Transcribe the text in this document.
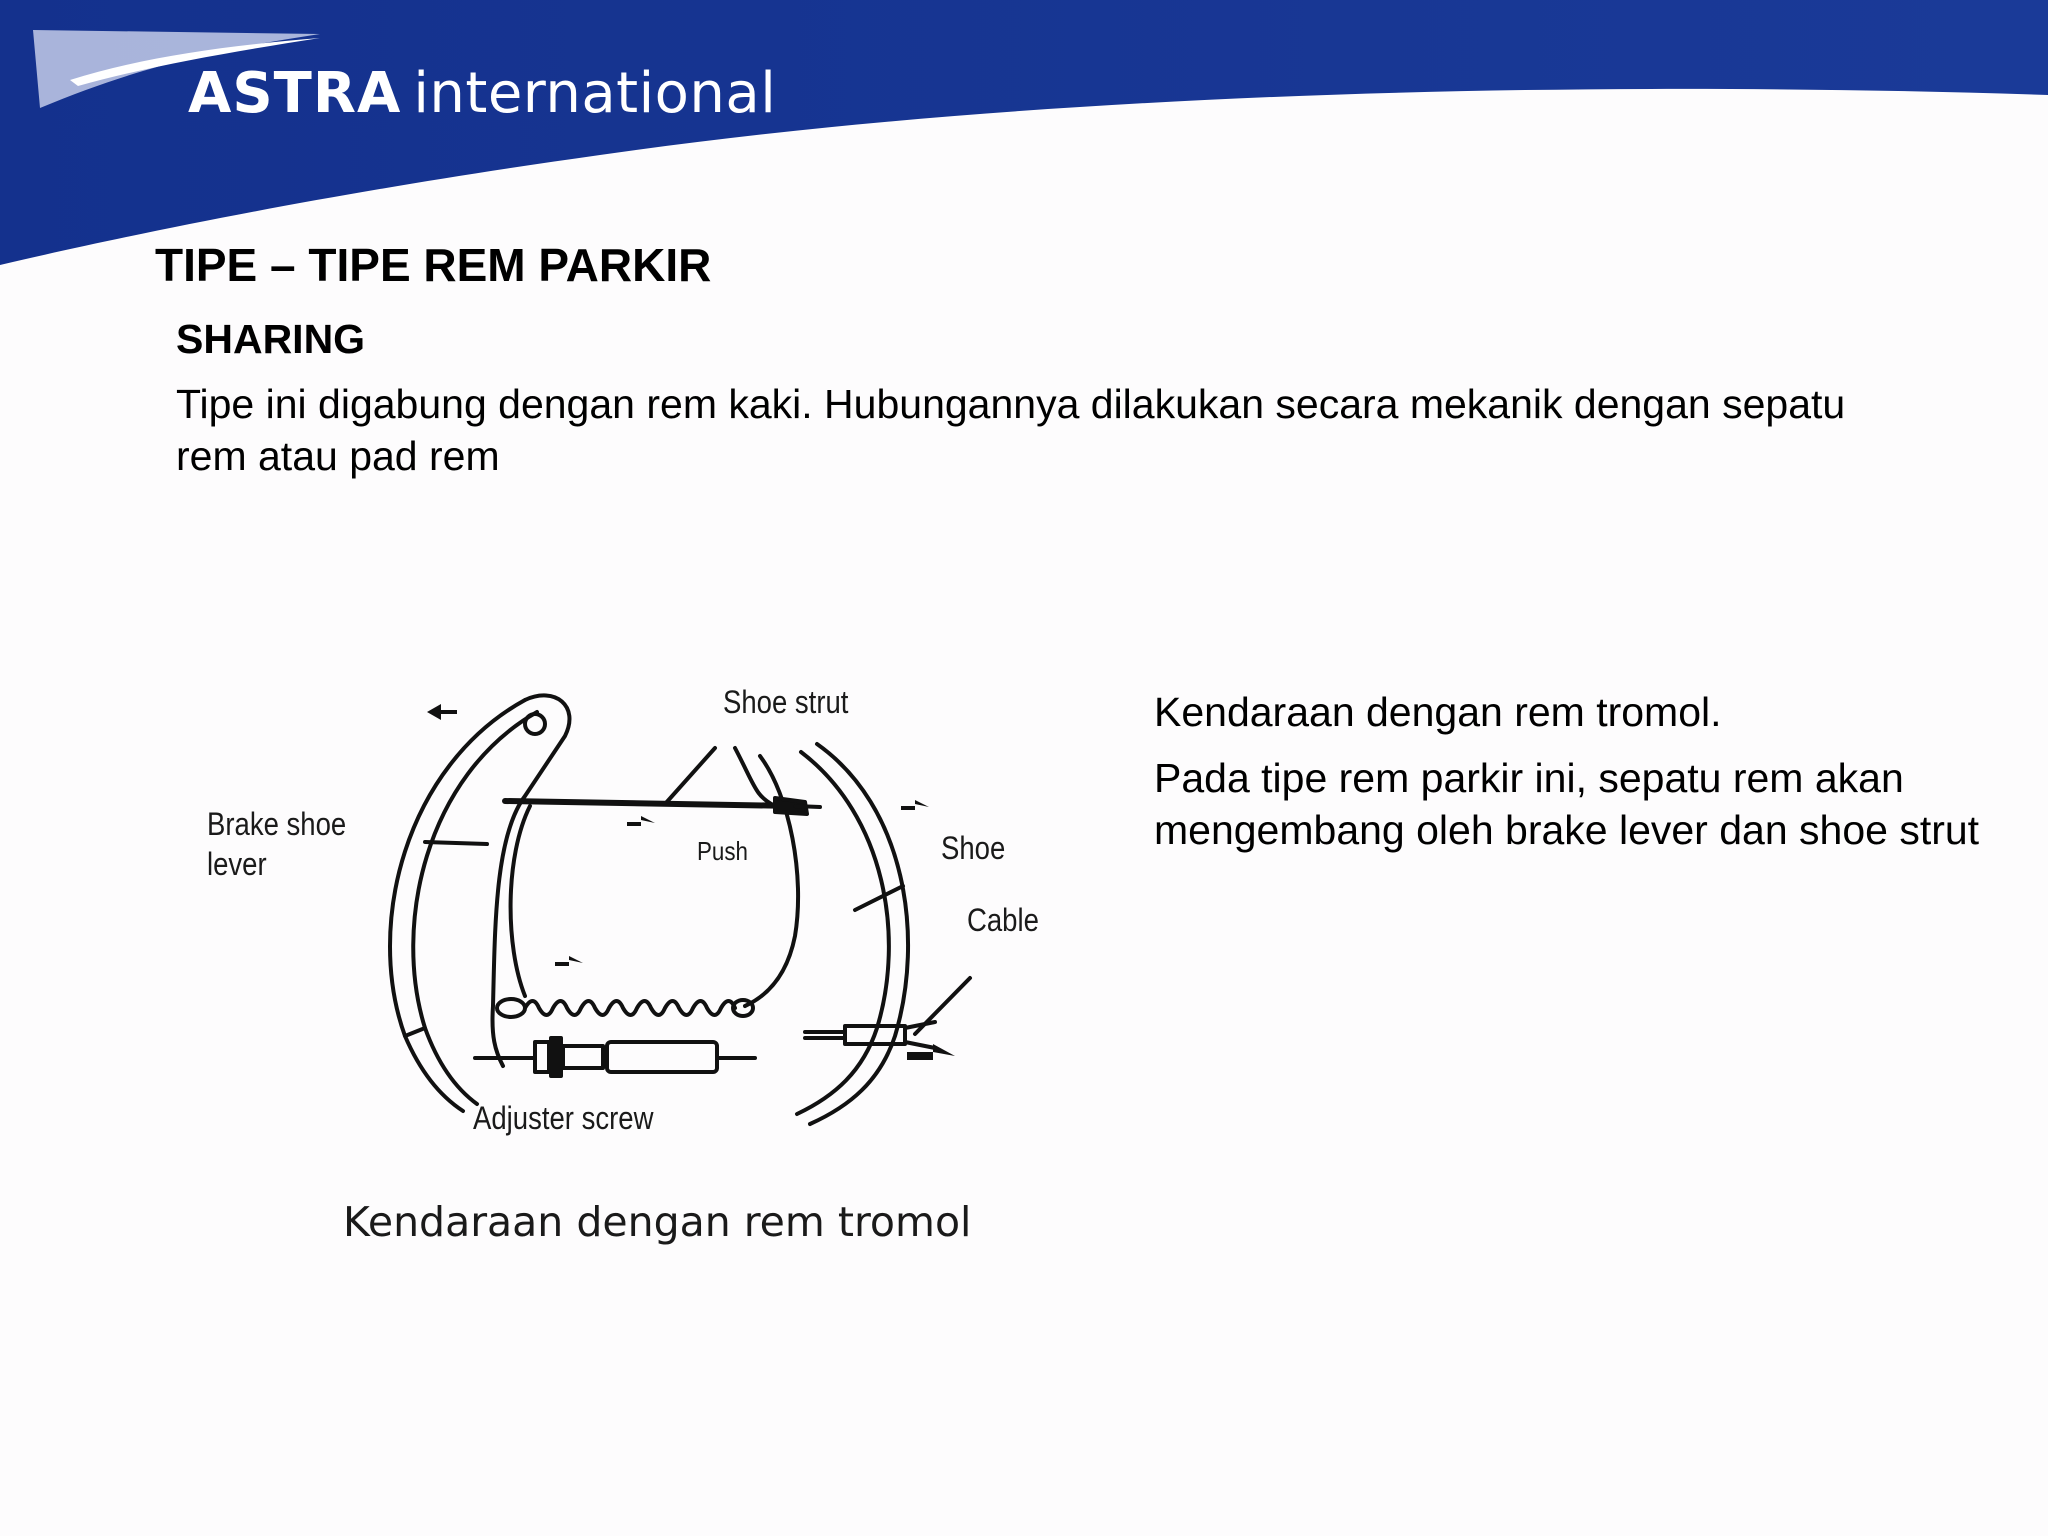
ASTRA international
TIPE – TIPE REM PARKIR
SHARING
Tipe ini digabung dengan rem kaki. Hubungannya dilakukan secara mekanik dengan sepatu rem atau pad rem

Kendaraan dengan rem tromol.

Pada tipe rem parkir ini, sepatu rem akan mengembang oleh brake lever dan shoe strut

Brake shoe
lever
Shoe strut
Push	Shoe
Cable
Adjuster screw
Kendaraan dengan rem tromol
